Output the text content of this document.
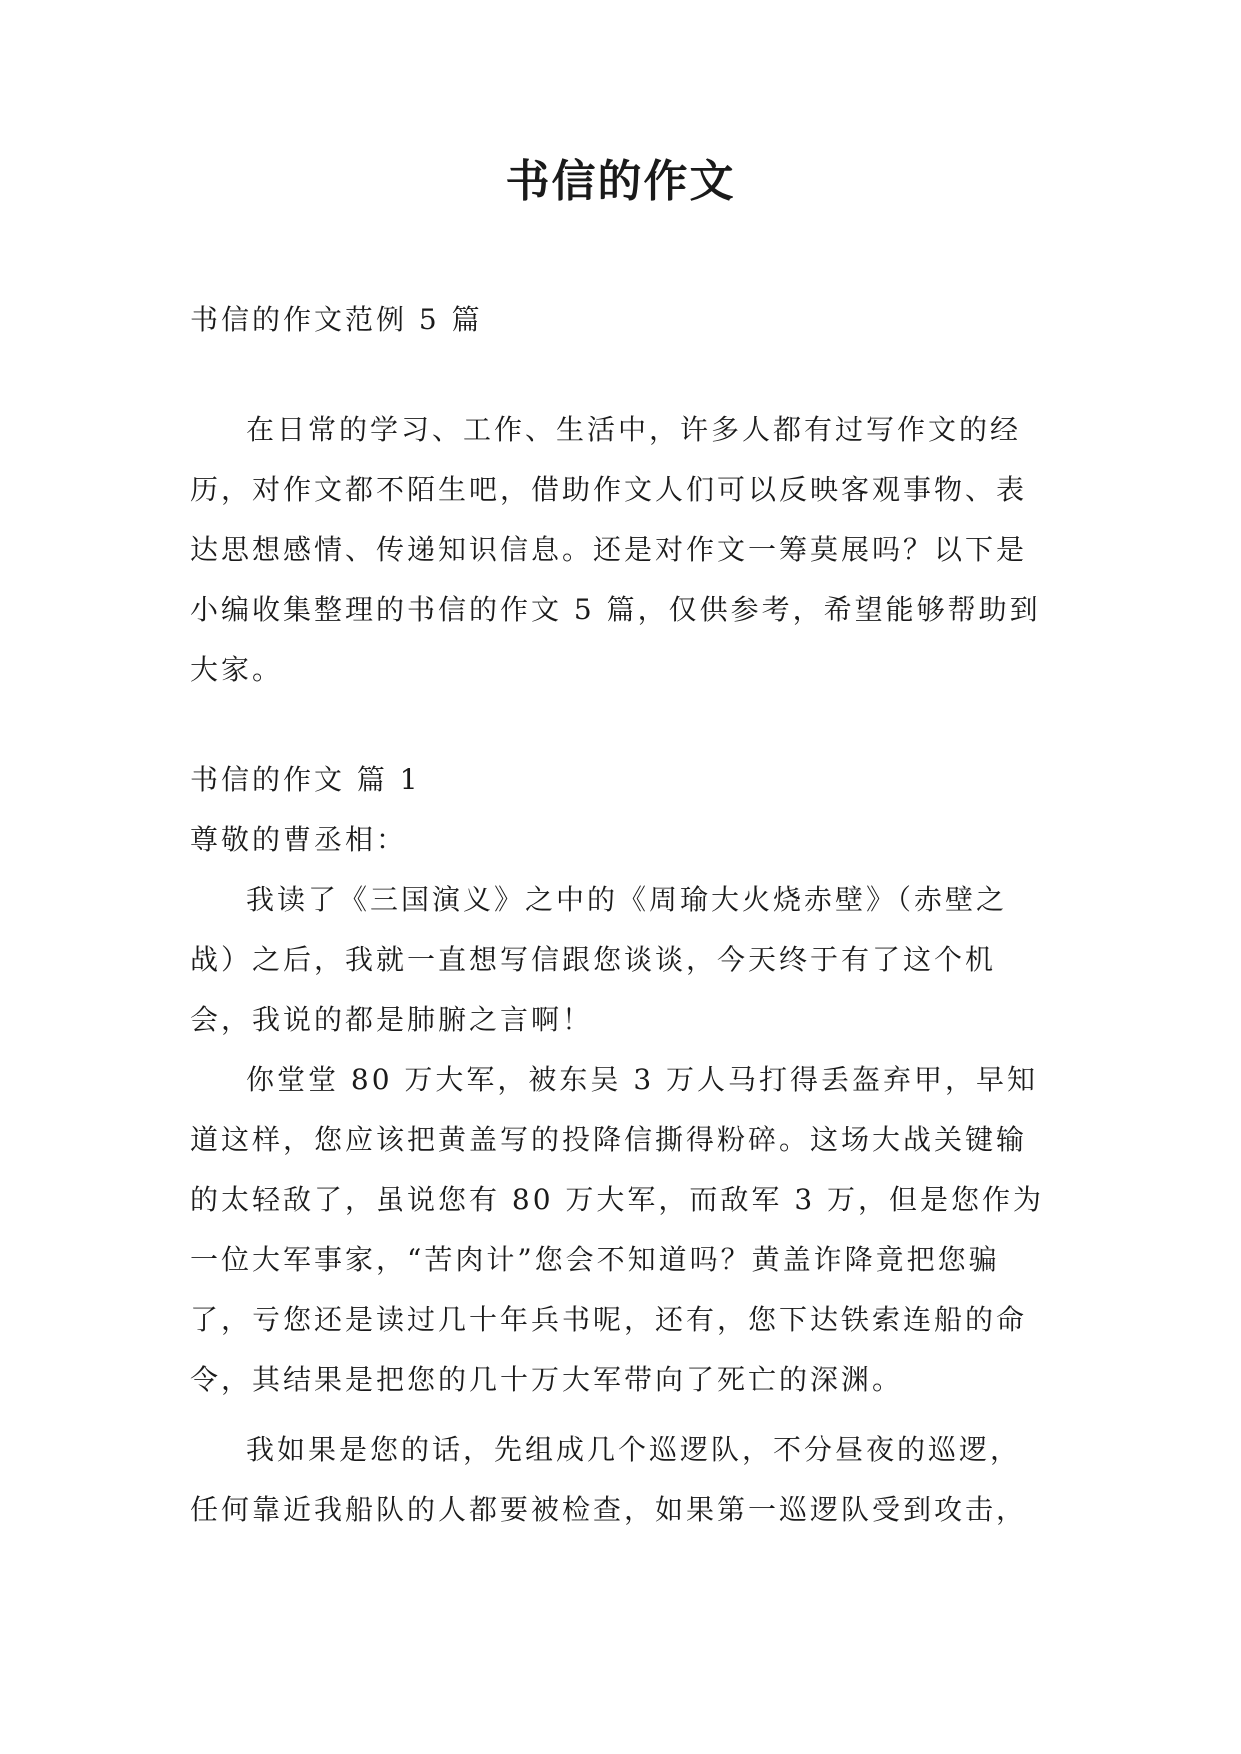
书信的作文

书信的作文范例 5 篇

在日常的学习、工作、生活中，许多人都有过写作文的经历，对作文都不陌生吧，借助作文人们可以反映客观事物、表达思想感情、传递知识信息。还是对作文一筹莫展吗？以下是小编收集整理的书信的作文 5 篇，仅供参考，希望能够帮助到大家。

书信的作文 篇 1

尊敬的曹丞相：

我读了《三国演义》之中的《周瑜大火烧赤壁》（赤壁之战）之后，我就一直想写信跟您谈谈，今天终于有了这个机会，我说的都是肺腑之言啊！

你堂堂 80 万大军，被东吴 3 万人马打得丢盔弃甲，早知道这样，您应该把黄盖写的投降信撕得粉碎。这场大战关键输的太轻敌了，虽说您有 80 万大军，而敌军 3 万，但是您作为一位大军事家，“苦肉计”您会不知道吗？黄盖诈降竟把您骗了，亏您还是读过几十年兵书呢，还有，您下达铁索连船的命令，其结果是把您的几十万大军带向了死亡的深渊。

我如果是您的话，先组成几个巡逻队，不分昼夜的巡逻，任何靠近我船队的人都要被检查，如果第一巡逻队受到攻击，
